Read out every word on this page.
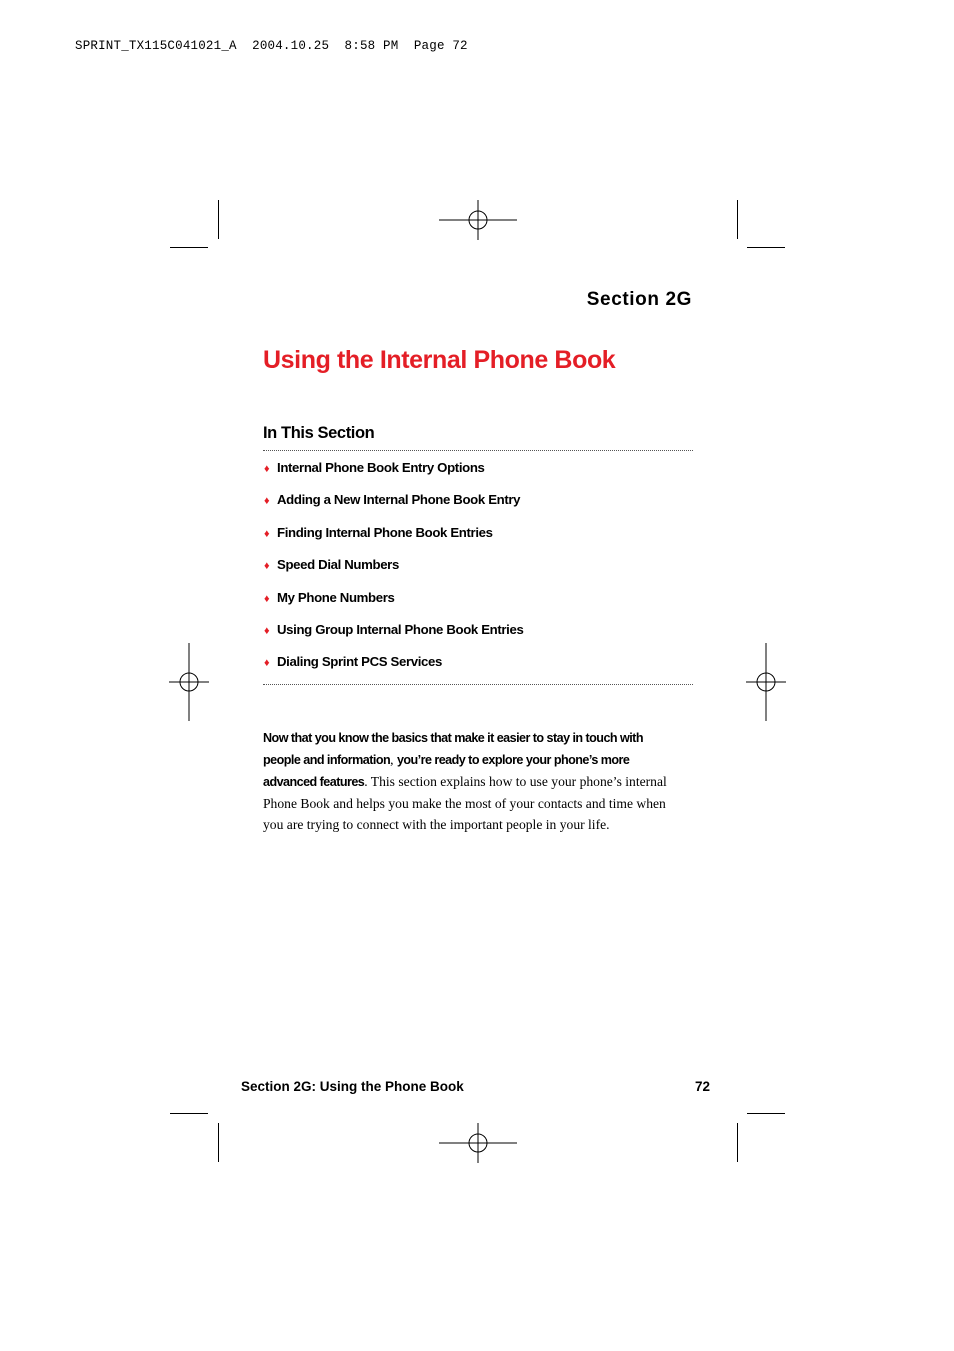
SPRINT_TX115C041021_A  2004.10.25  8:58 PM  Page 72
Section 2G
Using the Internal Phone Book
In This Section
♦ Internal Phone Book Entry Options
♦ Adding a New Internal Phone Book Entry
♦ Finding Internal Phone Book Entries
♦ Speed Dial Numbers
♦ My Phone Numbers
♦ Using Group Internal Phone Book Entries
♦ Dialing Sprint PCS Services

Now that you know the basics that make it easier to stay in touch with people and information, you’re ready to explore your phone’s more advanced features. This section explains how to use your phone’s internal Phone Book and helps you make the most of your contacts and time when you are trying to connect with the important people in your life.

Section 2G: Using the Phone Book	72
